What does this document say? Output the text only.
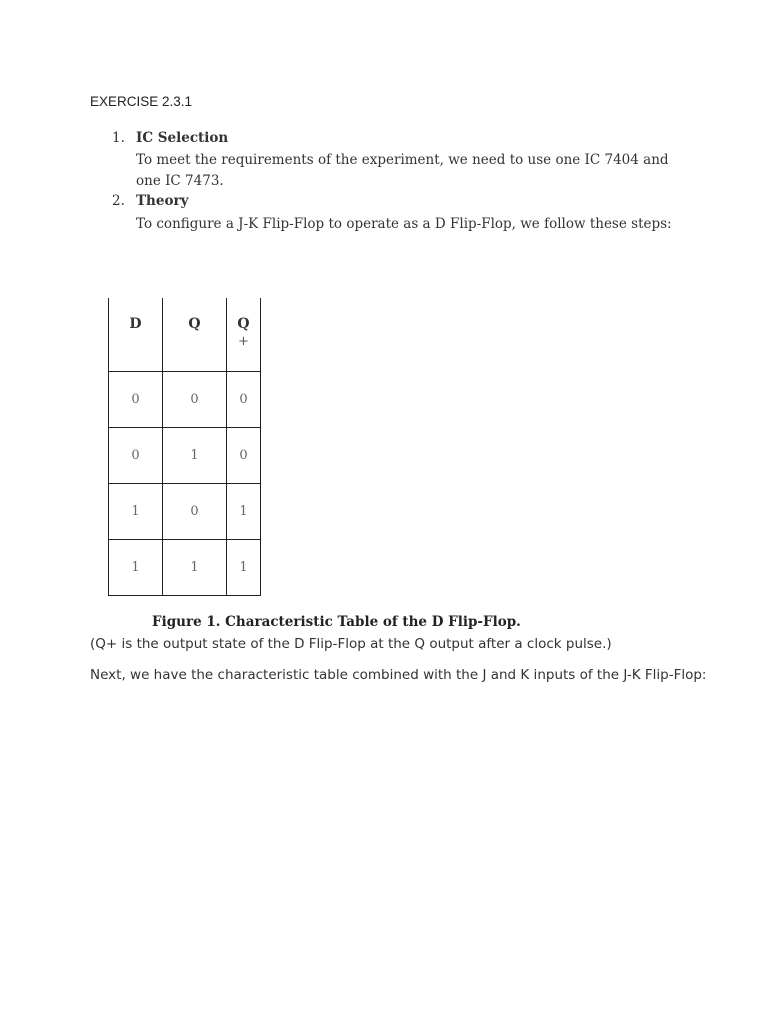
EXERCISE 2.3.1
1. IC Selection
To meet the requirements of the experiment, we need to use one IC 7404 and one IC 7473.
2. Theory
To configure a J-K Flip-Flop to operate as a D Flip-Flop, we follow these steps:
D	Q	Q
+

0	0	0
0	1	0
1	0	1
1	1	1
Figure 1. Characteristic Table of the D Flip-Flop.
(Q+ is the output state of the D Flip-Flop at the Q output after a clock pulse.)
Next, we have the characteristic table combined with the J and K inputs of the J-K Flip-Flop:
